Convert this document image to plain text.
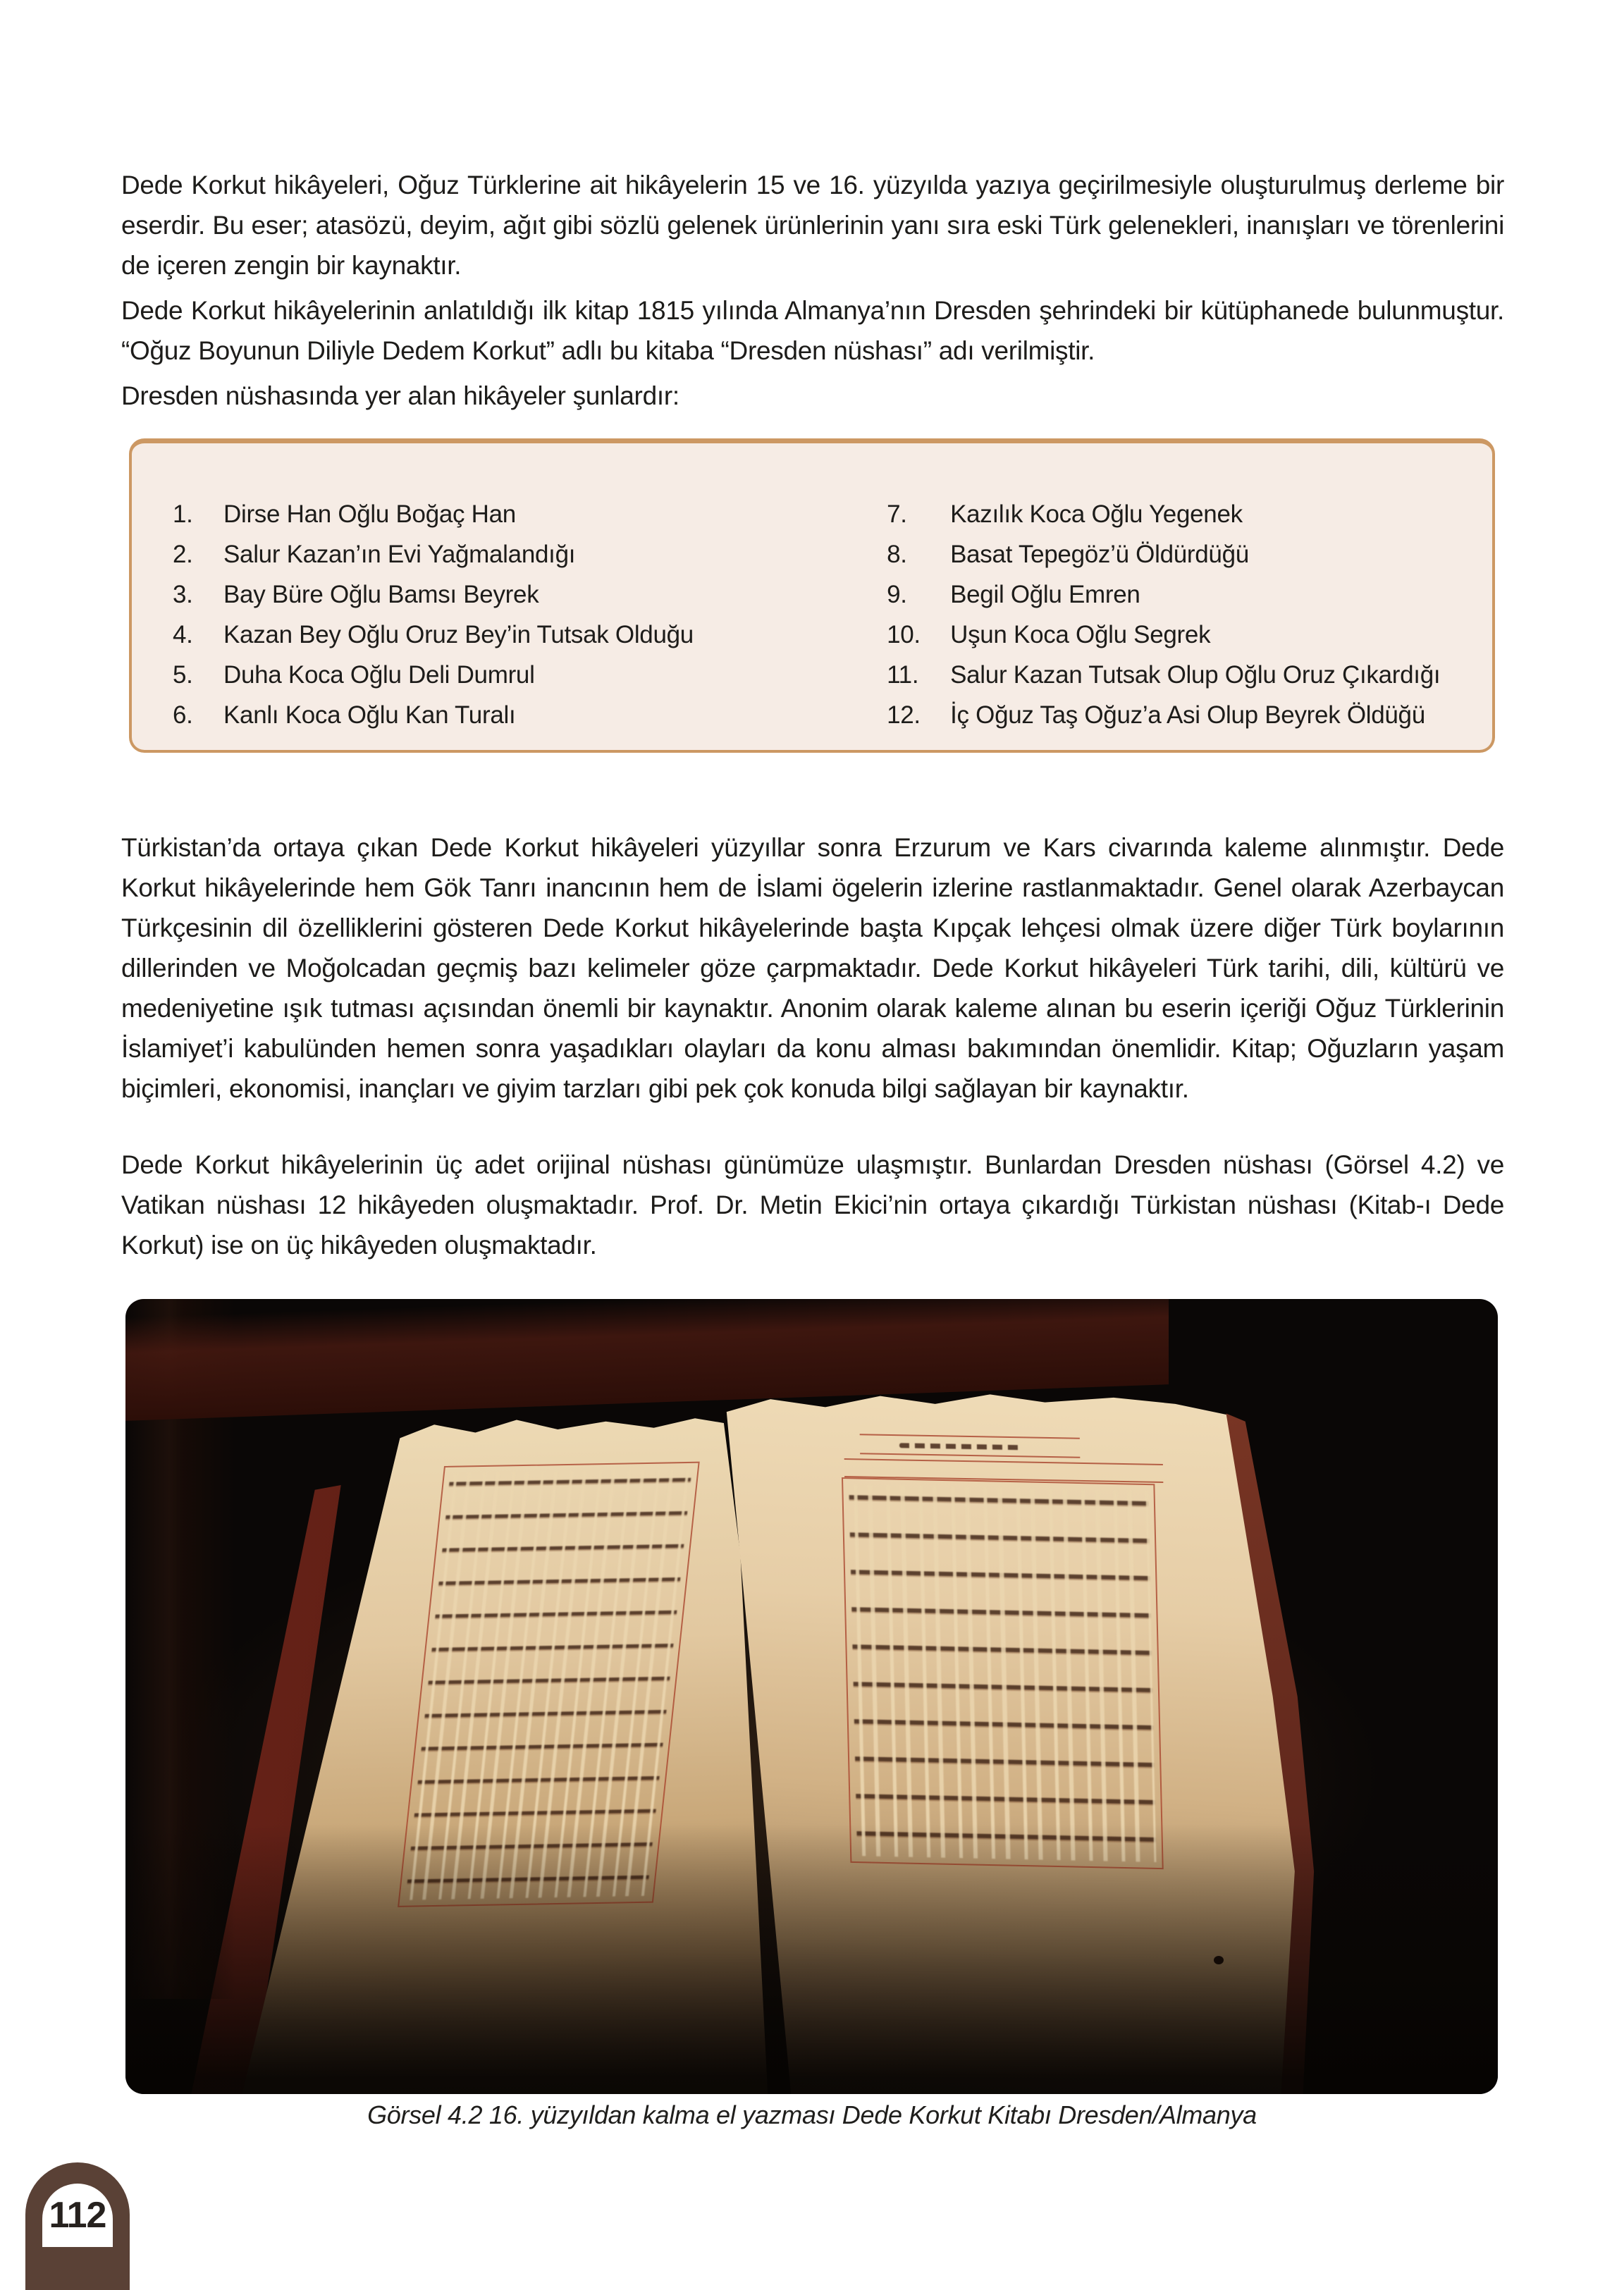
Dede Korkut hikâyeleri, Oğuz Türklerine ait hikâyelerin 15 ve 16. yüzyılda yazıya geçirilmesiyle oluşturulmuş derleme bir eserdir. Bu eser; atasözü, deyim, ağıt gibi sözlü gelenek ürünlerinin yanı sıra eski Türk gelenekleri, inanışları ve törenlerini de içeren zengin bir kaynaktır.

Dede Korkut hikâyelerinin anlatıldığı ilk kitap 1815 yılında Almanya’nın Dresden şehrindeki bir kütüphanede bulunmuştur. “Oğuz Boyunun Diliyle Dedem Korkut” adlı bu kitaba “Dresden nüshası” adı verilmiştir.

Dresden nüshasında yer alan hikâyeler şunlardır:

1.	Dirse Han Oğlu Boğaç Han
2.	Salur Kazan’ın Evi Yağmalandığı
3.	Bay Büre Oğlu Bamsı Beyrek
4.	Kazan Bey Oğlu Oruz Bey’in Tutsak Olduğu
5.	Duha Koca Oğlu Deli Dumrul
6.	Kanlı Koca Oğlu Kan Turalı
7.	Kazılık Koca Oğlu Yegenek
8.	Basat Tepegöz’ü Öldürdüğü
9.	Begil Oğlu Emren
10.	Uşun Koca Oğlu Segrek
11.	Salur Kazan Tutsak Olup Oğlu Oruz Çıkardığı
12.	İç Oğuz Taş Oğuz’a Asi Olup Beyrek Öldüğü

Türkistan’da ortaya çıkan Dede Korkut hikâyeleri yüzyıllar sonra Erzurum ve Kars civarında kaleme alınmıştır. Dede Korkut hikâyelerinde hem Gök Tanrı inancının hem de İslami ögelerin izlerine rastlanmaktadır. Genel olarak Azerbaycan Türkçesinin dil özelliklerini gösteren Dede Korkut hikâyelerinde başta Kıpçak lehçesi olmak üzere diğer Türk boylarının dillerinden ve Moğolcadan geçmiş bazı kelimeler göze çarpmaktadır. Dede Korkut hikâyeleri Türk tarihi, dili, kültürü ve medeniyetine ışık tutması açısından önemli bir kaynaktır. Anonim olarak kaleme alınan bu eserin içeriği Oğuz Türklerinin İslamiyet’i kabulünden hemen sonra yaşadıkları olayları da konu alması bakımından önemlidir. Kitap; Oğuzların yaşam biçimleri, ekonomisi, inançları ve giyim tarzları gibi pek çok konuda bilgi sağlayan bir kaynaktır.

Dede Korkut hikâyelerinin üç adet orijinal nüshası günümüze ulaşmıştır. Bunlardan Dresden nüshası (Görsel 4.2) ve Vatikan nüshası 12 hikâyeden oluşmaktadır. Prof. Dr. Metin Ekici’nin ortaya çıkardığı Türkistan nüshası (Kitab-ı Dede Korkut) ise on üç hikâyeden oluşmaktadır.

Görsel 4.2 16. yüzyıldan kalma el yazması Dede Korkut Kitabı Dresden/Almanya

112
